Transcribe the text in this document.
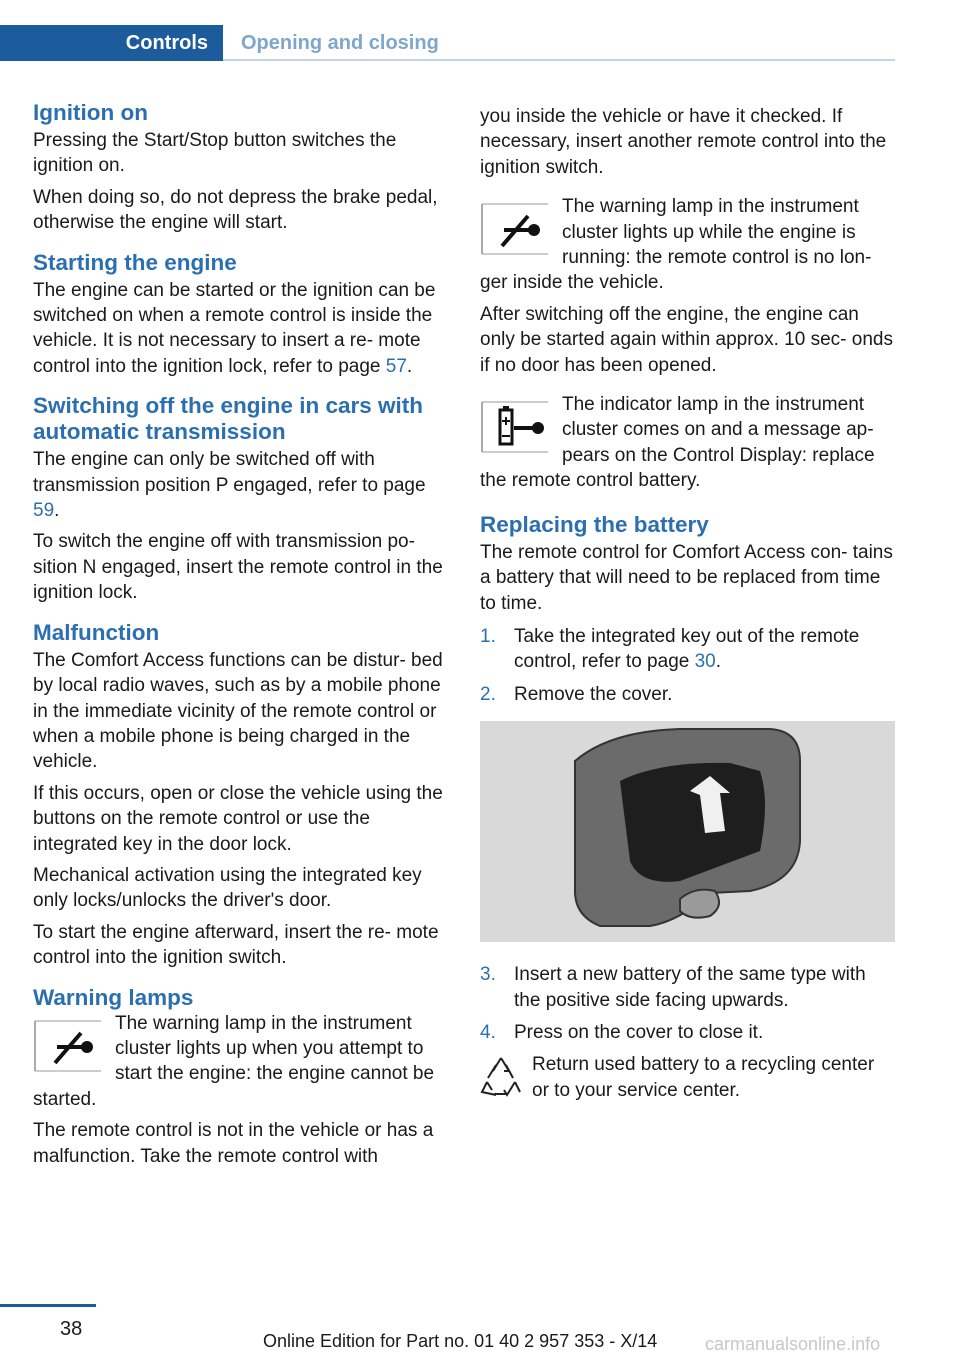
Controls	Opening and closing
Ignition on

Pressing the Start/Stop button switches the ignition on.

When doing so, do not depress the brake pedal, otherwise the engine will start.

Starting the engine

The engine can be started or the ignition can be switched on when a remote control is inside the vehicle. It is not necessary to insert a re- mote control into the ignition lock, refer to page 57.

Switching off the engine in cars with automatic transmission

The engine can only be switched off with transmission position P engaged, refer to page 59.

To switch the engine off with transmission po- sition N engaged, insert the remote control in the ignition lock.

Malfunction

The Comfort Access functions can be distur- bed by local radio waves, such as by a mobile phone in the immediate vicinity of the remote control or when a mobile phone is being charged in the vehicle.

If this occurs, open or close the vehicle using the buttons on the remote control or use the integrated key in the door lock.

Mechanical activation using the integrated key only locks/unlocks the driver's door.

To start the engine afterward, insert the re- mote control into the ignition switch.

Warning lamps

The warning lamp in the instrument cluster lights up when you attempt to start the engine: the engine cannot be started.

The remote control is not in the vehicle or has a malfunction. Take the remote control with

you inside the vehicle or have it checked. If necessary, insert another remote control into the ignition switch.

The warning lamp in the instrument cluster lights up while the engine is running: the remote control is no lon- ger inside the vehicle.

After switching off the engine, the engine can only be started again within approx. 10 sec- onds if no door has been opened.

The indicator lamp in the instrument cluster comes on and a message ap- pears on the Control Display: replace the remote control battery.

Replacing the battery

The remote control for Comfort Access con- tains a battery that will need to be replaced from time to time.

1. Take the integrated key out of the remote control, refer to page 30.
2. Remove the cover.
3. Insert a new battery of the same type with the positive side facing upwards.
4. Press on the cover to close it.

Return used battery to a recycling center or to your service center.

38
Online Edition for Part no. 01 40 2 957 353 - X/14	carmanualsonline.info
